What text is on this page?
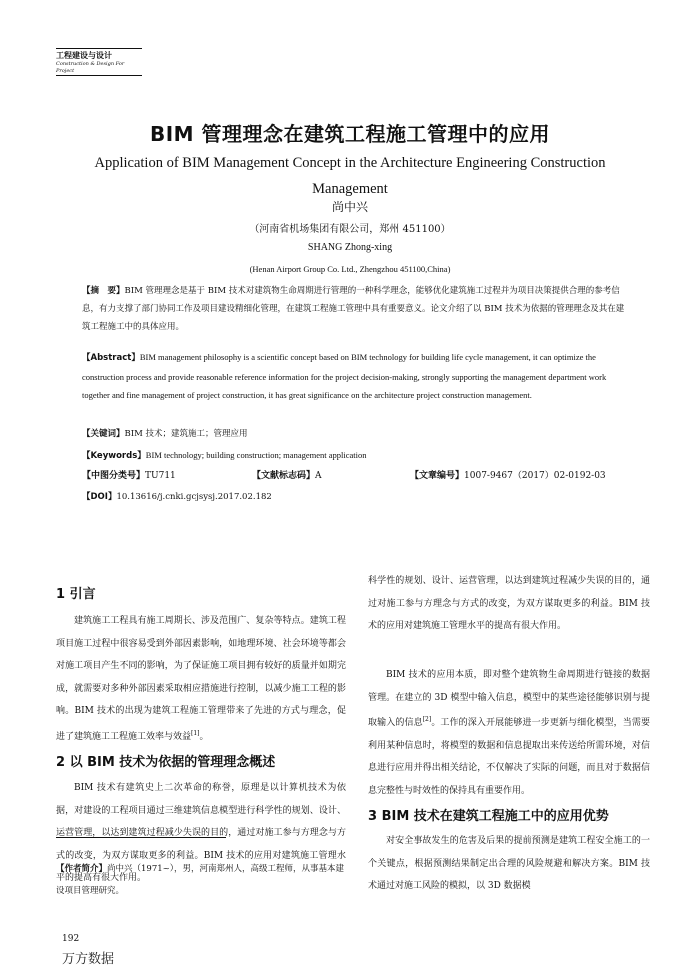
工程建设与设计
Construction & Design For Project
BIM 管理理念在建筑工程施工管理中的应用
Application of BIM Management Concept in the Architecture Engineering Construction Management
尚中兴
（河南省机场集团有限公司，郑州 451100）
SHANG Zhong-xing
(Henan Airport Group Co. Ltd., Zhengzhou 451100,China)
【摘　要】BIM 管理理念是基于 BIM 技术对建筑物生命周期进行管理的一种科学理念，能够优化建筑施工过程并为项目决策提供合理的参考信息，有力支撑了部门协同工作及项目建设精细化管理，在建筑工程施工管理中具有重要意义。论文介绍了以 BIM 技术为依据的管理理念及其在建筑工程施工中的具体应用。
【Abstract】BIM management philosophy is a scientific concept based on BIM technology for building life cycle management, it can optimize the construction process and provide reasonable reference information for the project decision-making, strongly supporting the management department work together and fine management of project construction, it has great significance on the architecture project construction management.
【关键词】BIM 技术；建筑施工；管理应用
【Keywords】BIM technology; building construction; management application
【中图分类号】TU711	【文献标志码】A	【文章编号】1007-9467（2017）02-0192-03
【DOI】10.13616/j.cnki.gcjsysj.2017.02.182
1 引言

建筑施工工程具有施工周期长、涉及范围广、复杂等特点。建筑工程项目施工过程中很容易受到外部因素影响，如地理环境、社会环境等都会对施工项目产生不同的影响，为了保证施工项目拥有较好的质量并如期完成，就需要对多种外部因素采取相应措施进行控制，以减少施工工程的影响。BIM 技术的出现为建筑工程施工管理带来了先进的方式与理念，促进了建筑施工工程施工效率与效益[1]。

2 以 BIM 技术为依据的管理理念概述

BIM 技术有建筑史上二次革命的称誉，原理是以计算机技术为依据，对建设的工程项目通过三维建筑信息模型进行科学性的规划、设计、运营管理，以达到建筑过程减少失误的目的，通过对施工参与方理念与方式的改变，为双方谋取更多的利益。BIM 技术的应用对建筑施工管理水平的提高有很大作用。

科学性的规划、设计、运营管理，以达到建筑过程减少失误的目的，通过对施工参与方理念与方式的改变，为双方谋取更多的利益。BIM 技术的应用对建筑施工管理水平的提高有很大作用。

BIM 技术的应用本质，即对整个建筑物生命周期进行链接的数据管理。在建立的 3D 模型中输入信息，模型中的某些途径能够识别与提取输入的信息[2]。工作的深入开展能够进一步更新与细化模型，当需要利用某种信息时，将模型的数据和信息提取出来传送给所需环境，对信息进行应用并得出相关结论，不仅解决了实际的问题，而且对于数据信息完整性与时效性的保持具有重要作用。

3 BIM 技术在建筑工程施工中的应用优势

对安全事故发生的危害及后果的提前预测是建筑工程安全施工的一个关键点，根据预测结果制定出合理的风险规避和解决方案。BIM 技术通过对施工风险的模拟，以 3D 数据模

【作者简介】尚中兴（1971~），男，河南郑州人，高级工程师，从事基本建设项目管理研究。
192
万方数据
